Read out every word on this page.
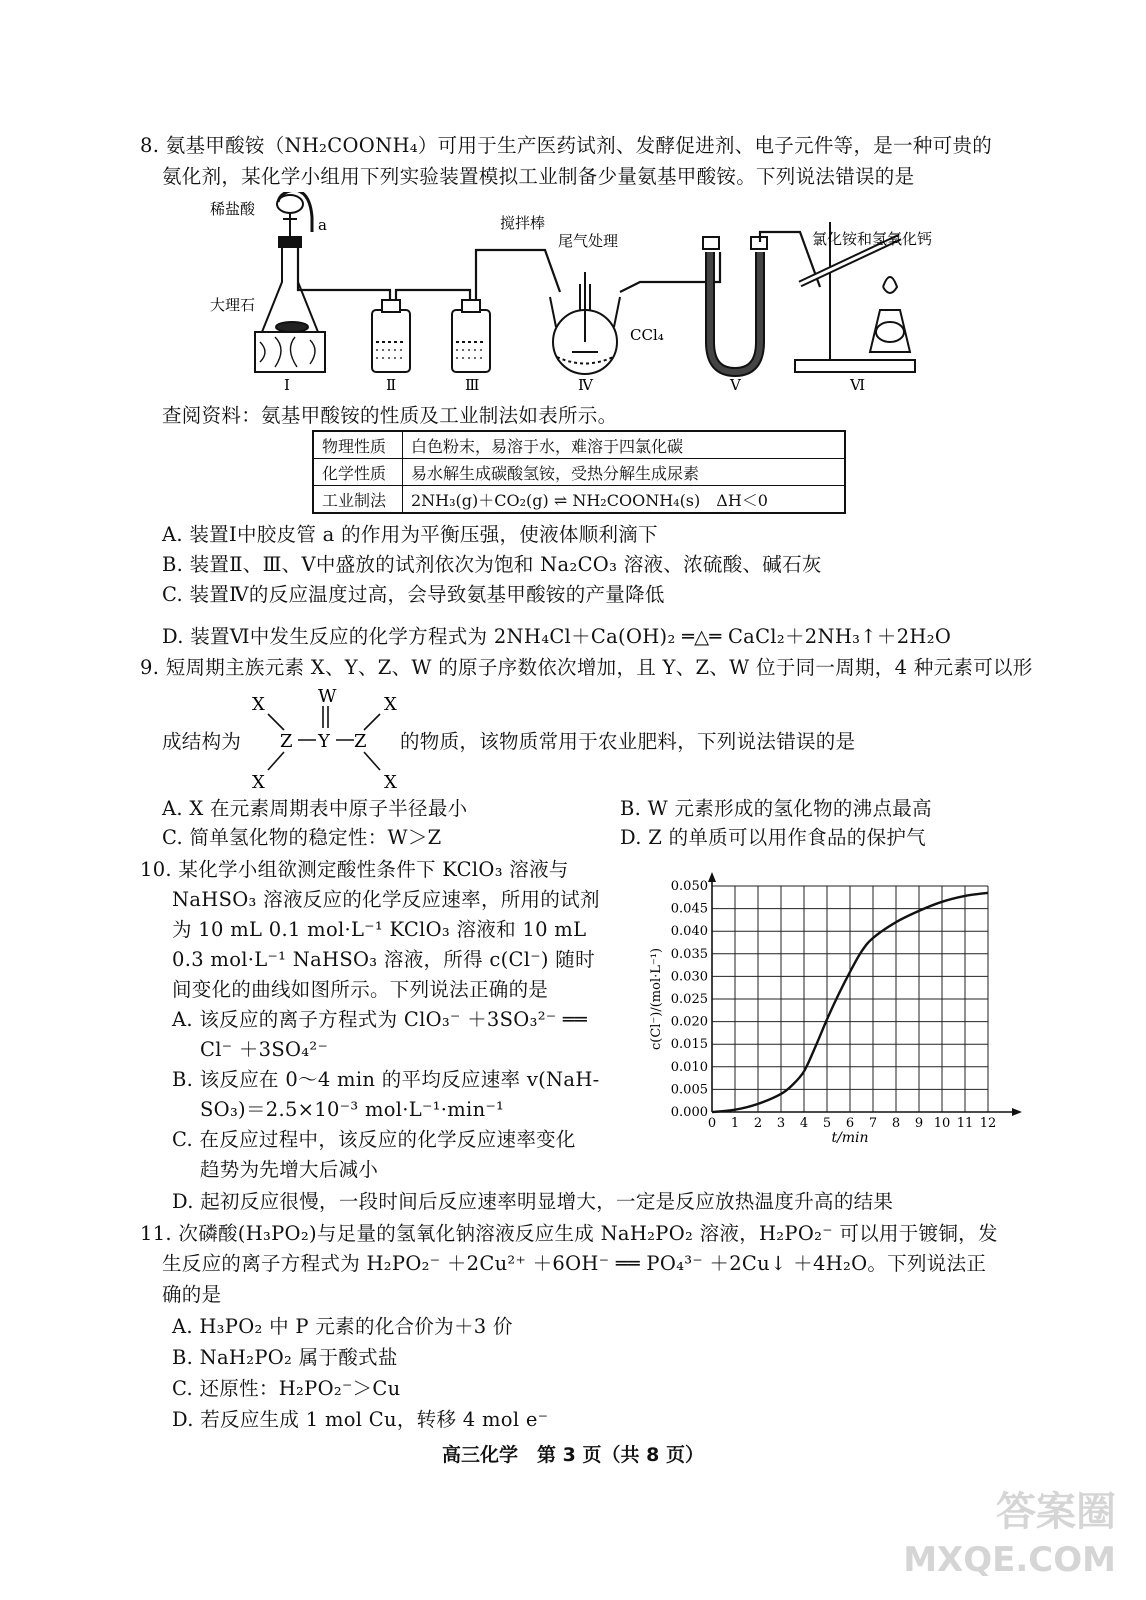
8. 氨基甲酸铵（NH₂COONH₄）可用于生产医药试剂、发酵促进剂、电子元件等，是一种可贵的
氨化剂，某化学小组用下列实验装置模拟工业制备少量氨基甲酸铵。下列说法错误的是
稀盐酸
a
大理石
搅拌棒
尾气处理
CCl₄
氯化铵和氢氧化钙
Ⅰ	Ⅱ	Ⅲ	Ⅳ	Ⅴ	Ⅵ
查阅资料：氨基甲酸铵的性质及工业制法如表所示。
物理性质	白色粉末，易溶于水，难溶于四氯化碳
化学性质	易水解生成碳酸氢铵，受热分解生成尿素
工业制法	2NH₃(g)＋CO₂(g) ⇌ NH₂COONH₄(s)　ΔH＜0
A. 装置Ⅰ中胶皮管 a 的作用为平衡压强，使液体顺利滴下
B. 装置Ⅱ、Ⅲ、Ⅴ中盛放的试剂依次为饱和 Na₂CO₃ 溶液、浓硫酸、碱石灰
C. 装置Ⅳ的反应温度过高，会导致氨基甲酸铵的产量降低
D. 装置Ⅵ中发生反应的化学方程式为 2NH₄Cl＋Ca(OH)₂ ═△═ CaCl₂＋2NH₃↑＋2H₂O
9. 短周期主族元素 X、Y、Z、W 的原子序数依次增加，且 Y、Z、W 位于同一周期，4 种元素可以形
成结构为
W
Z Y Z
X
X
X
X
的物质，该物质常用于农业肥料，下列说法错误的是
A. X 在元素周期表中原子半径最小	B. W 元素形成的氢化物的沸点最高
C. 简单氢化物的稳定性：W＞Z	D. Z 的单质可以用作食品的保护气
10. 某化学小组欲测定酸性条件下 KClO₃ 溶液与
NaHSO₃ 溶液反应的化学反应速率，所用的试剂
为 10 mL 0.1 mol·L⁻¹ KClO₃ 溶液和 10 mL
0.3 mol·L⁻¹ NaHSO₃ 溶液，所得 c(Cl⁻) 随时
间变化的曲线如图所示。下列说法正确的是
A. 该反应的离子方程式为 ClO₃⁻ ＋3SO₃²⁻ ══
Cl⁻ ＋3SO₄²⁻
B. 该反应在 0～4 min 的平均反应速率 v(NaH-
SO₃)＝2.5×10⁻³ mol·L⁻¹·min⁻¹
C. 在反应过程中，该反应的化学反应速率变化
趋势为先增大后减小
D. 起初反应很慢，一段时间后反应速率明显增大，一定是反应放热温度升高的结果
0 1 2 3 4 5 6 7 8 9 10 11 12
0.000
0.005
0.010
0.015
0.020
0.025
0.030
0.035
0.040
0.045
0.050
t/min
c(Cl⁻)/(mol·L⁻¹)
11. 次磷酸(H₃PO₂)与足量的氢氧化钠溶液反应生成 NaH₂PO₂ 溶液，H₂PO₂⁻ 可以用于镀铜，发
生反应的离子方程式为 H₂PO₂⁻ ＋2Cu²⁺ ＋6OH⁻ ══ PO₄³⁻ ＋2Cu↓ ＋4H₂O。下列说法正
确的是
A. H₃PO₂ 中 P 元素的化合价为＋3 价
B. NaH₂PO₂ 属于酸式盐
C. 还原性：H₂PO₂⁻＞Cu
D. 若反应生成 1 mol Cu，转移 4 mol e⁻
高三化学　第 3 页（共 8 页）
答案圈
MXQE.COM
